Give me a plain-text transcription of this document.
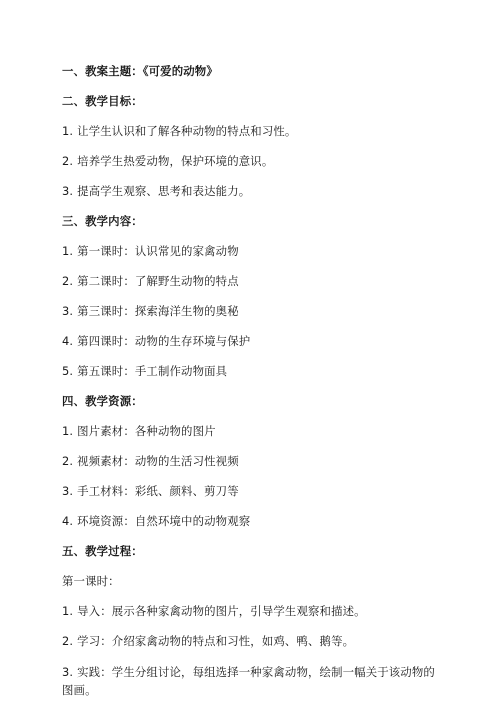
一、教案主题：《可爱的动物》
二、教学目标：
1. 让学生认识和了解各种动物的特点和习性。
2. 培养学生热爱动物，保护环境的意识。
3. 提高学生观察、思考和表达能力。
三、教学内容：
1. 第一课时：认识常见的家禽动物
2. 第二课时：了解野生动物的特点
3. 第三课时：探索海洋生物的奥秘
4. 第四课时：动物的生存环境与保护
5. 第五课时：手工制作动物面具
四、教学资源：
1. 图片素材：各种动物的图片
2. 视频素材：动物的生活习性视频
3. 手工材料：彩纸、颜料、剪刀等
4. 环境资源：自然环境中的动物观察
五、教学过程：
第一课时：
1. 导入：展示各种家禽动物的图片，引导学生观察和描述。
2. 学习：介绍家禽动物的特点和习性，如鸡、鸭、鹅等。
3. 实践：学生分组讨论，每组选择一种家禽动物，绘制一幅关于该动物的图画。
